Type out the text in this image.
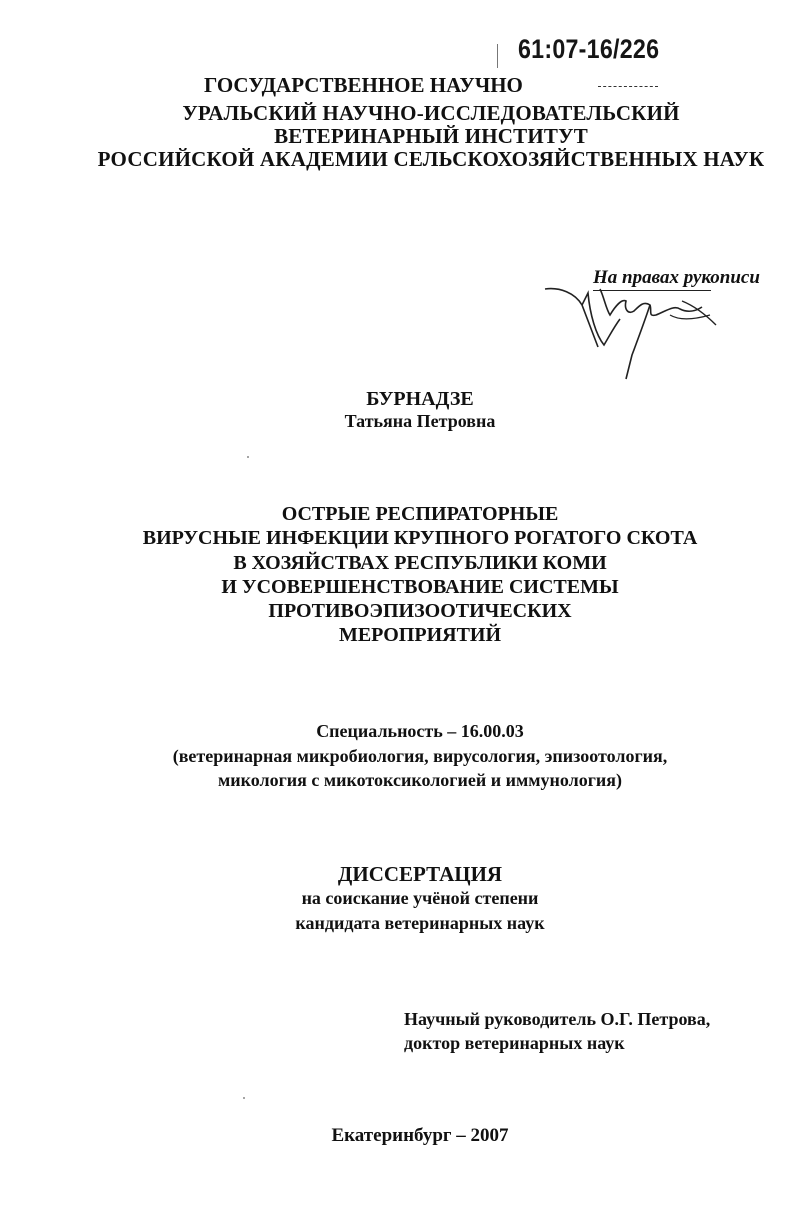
61:07-16/226
ГОСУДАРСТВЕННОЕ НАУЧНО
УРАЛЬСКИЙ НАУЧНО-ИССЛЕДОВАТЕЛЬСКИЙ
ВЕТЕРИНАРНЫЙ ИНСТИТУТ
РОССИЙСКОЙ АКАДЕМИИ СЕЛЬСКОХОЗЯЙСТВЕННЫХ НАУК
На правах рукописи
БУРНАДЗЕ
Татьяна Петровна
ОСТРЫЕ РЕСПИРАТОРНЫЕ
ВИРУСНЫЕ ИНФЕКЦИИ КРУПНОГО РОГАТОГО СКОТА
В ХОЗЯЙСТВАХ РЕСПУБЛИКИ КОМИ
И УСОВЕРШЕНСТВОВАНИЕ СИСТЕМЫ
ПРОТИВОЭПИЗООТИЧЕСКИХ
МЕРОПРИЯТИЙ
Специальность – 16.00.03
(ветеринарная микробиология, вирусология, эпизоотология,
микология с микотоксикологией и иммунология)
ДИССЕРТАЦИЯ
на соискание учёной степени
кандидата ветеринарных наук
Научный руководитель О.Г. Петрова,
доктор ветеринарных наук
Екатеринбург – 2007
